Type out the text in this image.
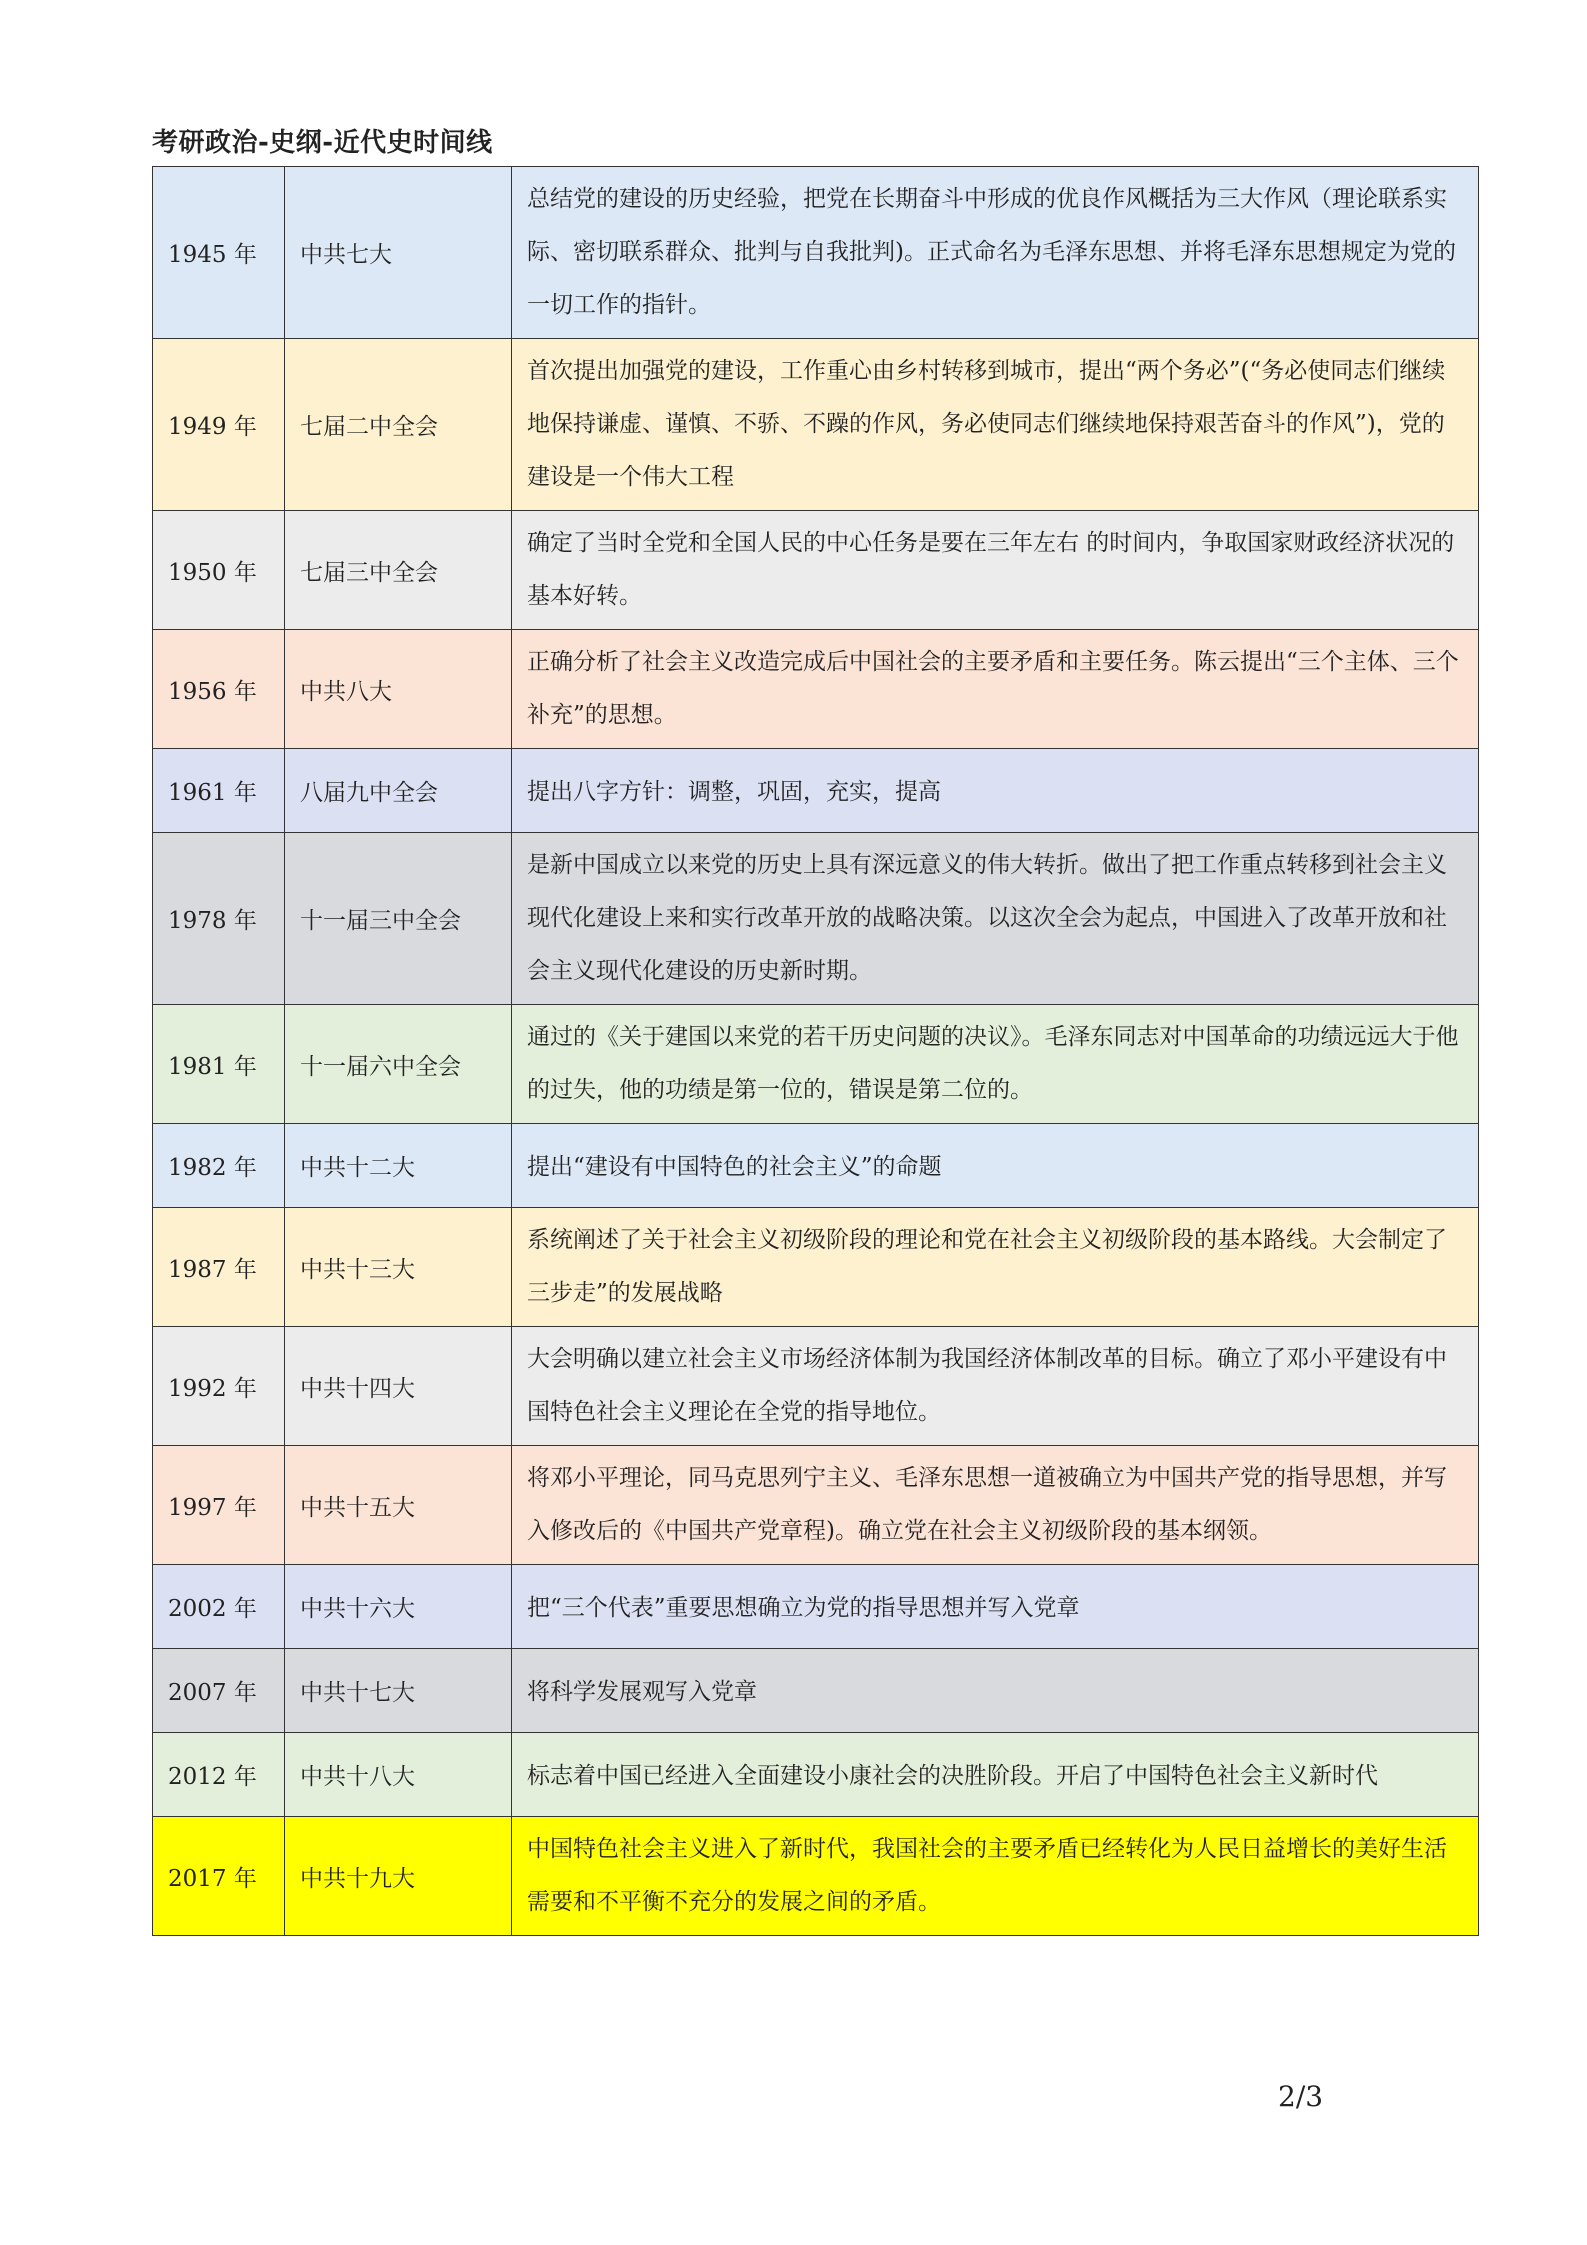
考研政治-史纲-近代史时间线
1945 年	中共七大	总结党的建设的历史经验，把党在长期奋斗中形成的优良作风概括为三大作风（理论联系实际、密切联系群众、批判与自我批判)。正式命名为毛泽东思想、并将毛泽东思想规定为党的一切工作的指针。
1949 年	七届二中全会	首次提出加强党的建设，工作重心由乡村转移到城市，提出“两个务必”(“务必使同志们继续地保持谦虚、谨慎、不骄、不躁的作风，务必使同志们继续地保持艰苦奋斗的作风”)，党的建设是一个伟大工程
1950 年	七届三中全会	确定了当时全党和全国人民的中心任务是要在三年左右 的时间内，争取国家财政经济状况的基本好转。
1956 年	中共八大	正确分析了社会主义改造完成后中国社会的主要矛盾和主要任务。陈云提出“三个主体、三个补充”的思想。
1961 年	八届九中全会	提出八字方针：调整，巩固，充实，提高
1978 年	十一届三中全会	是新中国成立以来党的历史上具有深远意义的伟大转折。做出了把工作重点转移到社会主义现代化建设上来和实行改革开放的战略决策。以这次全会为起点，中国进入了改革开放和社会主义现代化建设的历史新时期。
1981 年	十一届六中全会	通过的《关于建国以来党的若干历史问题的决议》。毛泽东同志对中国革命的功绩远远大于他的过失，他的功绩是第一位的，错误是第二位的。
1982 年	中共十二大	提出“建设有中国特色的社会主义”的命题
1987 年	中共十三大	系统阐述了关于社会主义初级阶段的理论和党在社会主义初级阶段的基本路线。大会制定了三步走”的发展战略
1992 年	中共十四大	大会明确以建立社会主义市场经济体制为我国经济体制改革的目标。确立了邓小平建设有中国特色社会主义理论在全党的指导地位。
1997 年	中共十五大	将邓小平理论，同马克思列宁主义、毛泽东思想一道被确立为中国共产党的指导思想，并写入修改后的《中国共产党章程)。确立党在社会主义初级阶段的基本纲领。
2002 年	中共十六大	把“三个代表”重要思想确立为党的指导思想并写入党章
2007 年	中共十七大	将科学发展观写入党章
2012 年	中共十八大	标志着中国已经进入全面建设小康社会的决胜阶段。开启了中国特色社会主义新时代
2017 年	中共十九大	中国特色社会主义进入了新时代，我国社会的主要矛盾已经转化为人民日益增长的美好生活需要和不平衡不充分的发展之间的矛盾。
2/3
